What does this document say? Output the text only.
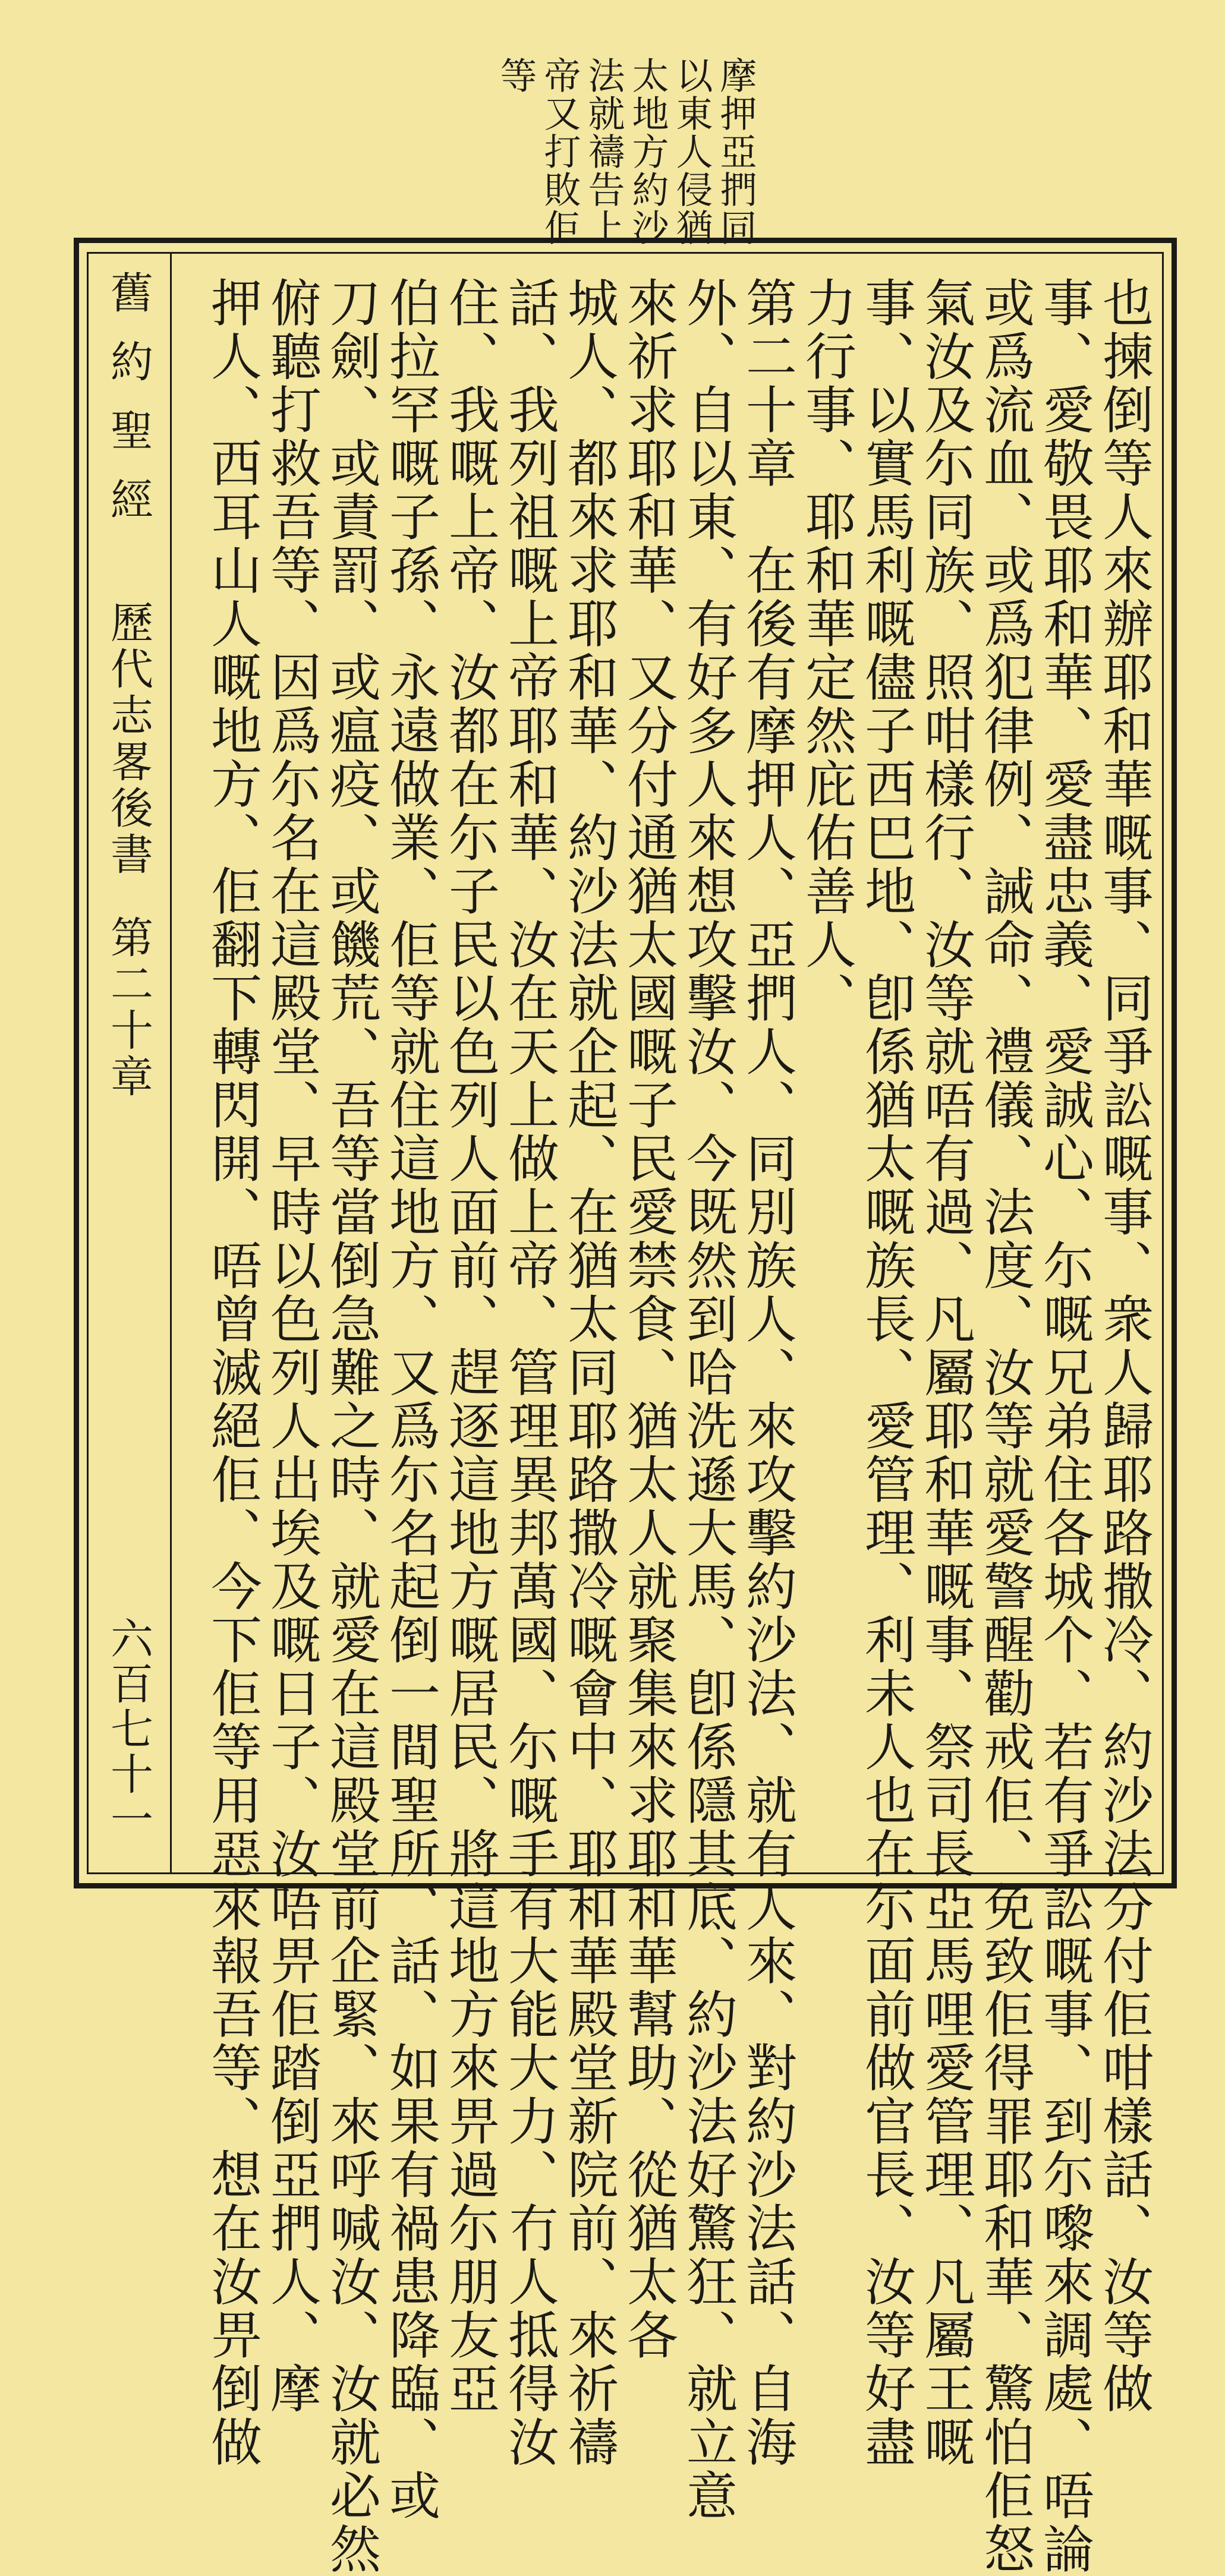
摩押亞捫同
以東人侵猶
太地方約沙
法就禱告上
帝又打敗佢
等
舊約聖經
歷代志畧後書
第二十章
六百七十一	也揀倒等人來辦耶和華嘅事、同爭訟嘅事、衆人歸耶路撒冷、約沙法分付佢咁樣話、汝等做
事、愛敬畏耶和華、愛盡忠義、愛誠心、尓嘅兄弟住各城个、若有爭訟嘅事、到尓嚟來調處、唔論
或爲流血、或爲犯律例、誡命、禮儀、法度、汝等就愛警醒勸戒佢、免致佢得罪耶和華、驚怕佢怒
氣汝及尓同族、照咁樣行、汝等就唔有過、凡屬耶和華嘅事、祭司長亞馬哩愛管理、凡屬王嘅
事、以實馬利嘅儘子西巴地、卽係猶太嘅族長、愛管理、利未人也在尓面前做官長、汝等好盡
力行事、耶和華定然庇佑善人、
第二十章　在後有摩押人、亞捫人、同別族人、來攻擊約沙法、就有人來、對約沙法話、自海
外、自以東、有好多人來想攻擊汝、今既然到哈洗遜大馬、卽係隱其底、約沙法好驚狂、就立意
來祈求耶和華、又分付通猶太國嘅子民愛禁食、猶太人就聚集來求耶和華幫助、從猶太各
城人、都來求耶和華、約沙法就企起、在猶太同耶路撒冷嘅會中、耶和華殿堂新院前、來祈禱
話、我列祖嘅上帝耶和華、汝在天上做上帝、管理異邦萬國、尓嘅手有大能大力、冇人抵得汝
住、我嘅上帝、汝都在尓子民以色列人面前、趕逐這地方嘅居民、將這地方來畀過尓朋友亞
伯拉罕嘅子孫、永遠做業、佢等就住這地方、又爲尓名起倒一間聖所、話、如果有禍患降臨、或
刀劍、或責罰、或瘟疫、或饑荒、吾等當倒急難之時、就愛在這殿堂前企緊、來呼喊汝、汝就必然
俯聽打救吾等、因爲尓名在這殿堂、早時以色列人出埃及嘅日子、汝唔畀佢踏倒亞捫人、摩
押人、西耳山人嘅地方、佢翻下轉閃開、唔曾滅絕佢、今下佢等用惡來報吾等、想在汝畀倒做
